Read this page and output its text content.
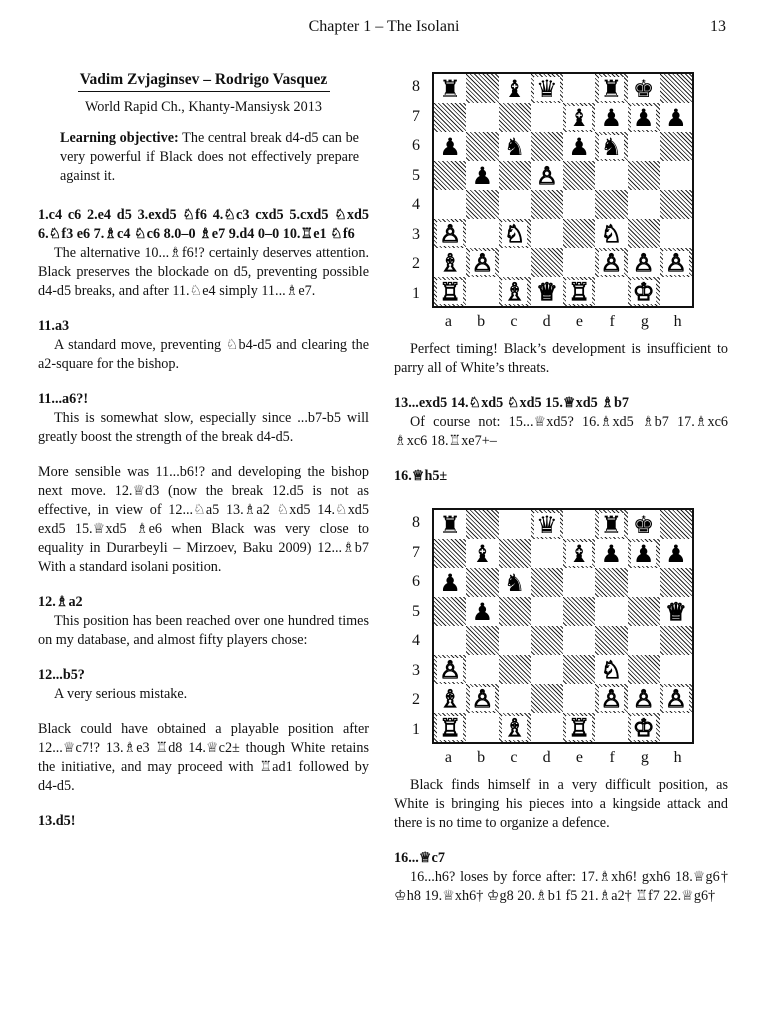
Chapter 1 – The Isolani	13
Vadim Zvjaginsev – Rodrigo Vasquez
World Rapid Ch., Khanty-Mansiysk 2013

Learning objective: The central break d4-d5 can be very powerful if Black does not effectively prepare against it.

1.c4 c6 2.e4 d5 3.exd5 ♘f6 4.♘c3 cxd5 5.cxd5 ♘xd5 6.♘f3 e6 7.♗c4 ♘c6 8.0–0 ♗e7 9.d4 0–0 10.♖e1 ♘f6

The alternative 10...♗f6!? certainly deserves attention. Black preserves the blockade on d5, preventing possible d4-d5 breaks, and after 11.♘e4 simply 11...♗e7.

11.a3

A standard move, preventing ♘b4-d5 and clearing the a2-square for the bishop.

11...a6?!

This is somewhat slow, especially since ...b7-b5 will greatly boost the strength of the break d4-d5.

More sensible was 11...b6!? and developing the bishop next move. 12.♕d3 (now the break 12.d5 is not as effective, in view of 12...♘a5 13.♗a2 ♘xd5 14.♘xd5 exd5 15.♕xd5 ♗e6 when Black was very close to equality in Durarbeyli – Mirzoev, Baku 2009) 12...♗b7 With a standard isolani position.

12.♗a2

This position has been reached over one hundred times on my database, and almost fifty players chose:

12...b5?

A very serious mistake.

Black could have obtained a playable position after 12...♕c7!? 13.♗e3 ♖d8 14.♕c2± though White retains the initiative, and may proceed with ♖ad1 followed by d4-d5.

13.d5!

8
7
6
5
4
3
2
1
♜ ♝ ♛ ♜ ♚
♝ ♟ ♟ ♟
♟ ♞ ♟ ♞
♟ ♙
♙ ♘	♘
♗ ♙	♙ ♙ ♙
♖ ♗ ♕ ♖ ♔
a	b	c	d	e	f	g	h

Perfect timing! Black’s development is insufficient to parry all of White’s threats.

13...exd5 14.♘xd5 ♘xd5 15.♕xd5 ♗b7

Of course not: 15...♕xd5? 16.♗xd5 ♗b7 17.♗xc6 ♗xc6 18.♖xe7+–

16.♕h5±

8
7
6
5
4
3
2
1
♜	♛ ♜ ♚
♝	♝ ♟ ♟ ♟
♟ ♞
♟	♕
♙	♘
♗ ♙	♙ ♙ ♙
♖ ♗ ♖ ♔
a	b	c	d	e	f	g	h

Black finds himself in a very difficult position, as White is bringing his pieces into a kingside attack and there is no time to organize a defence.

16...♕c7

16...h6? loses by force after: 17.♗xh6! gxh6 18.♕g6† ♔h8 19.♕xh6† ♔g8 20.♗b1 f5 21.♗a2† ♖f7 22.♕g6†
